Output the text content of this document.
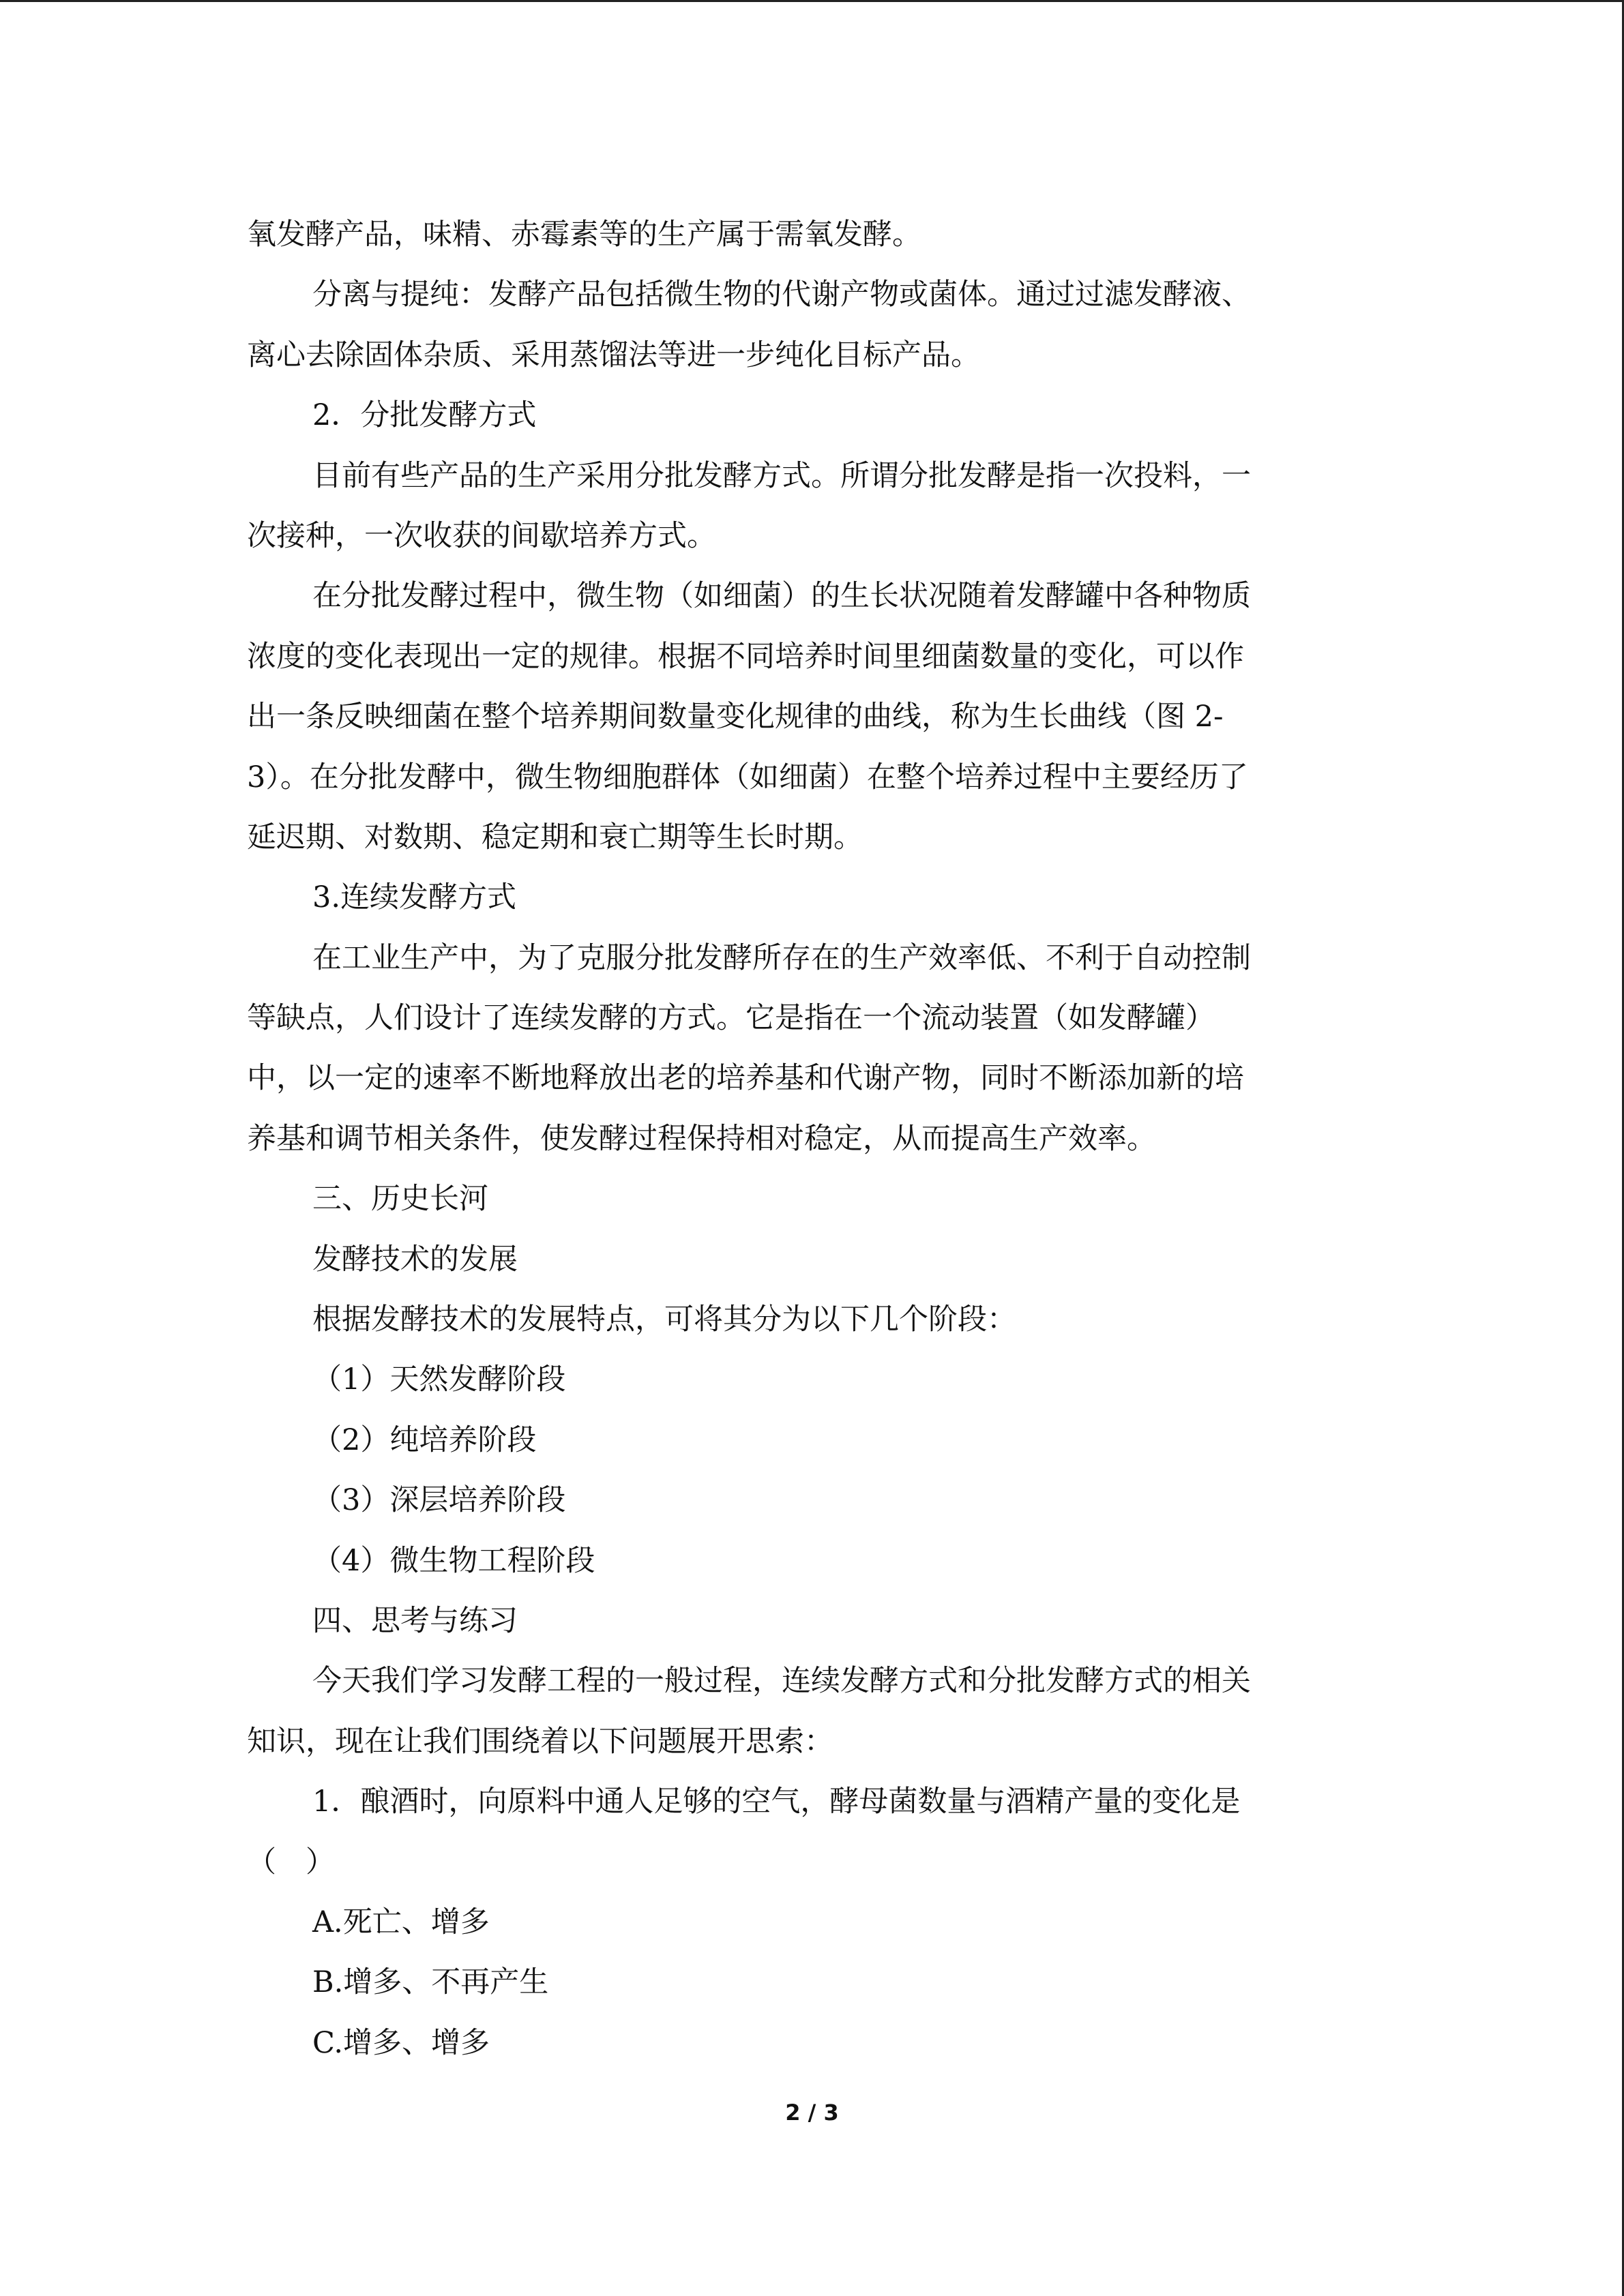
氧发酵产品，味精、赤霉素等的生产属于需氧发酵。
分离与提纯：发酵产品包括微生物的代谢产物或菌体。通过过滤发酵液、
离心去除固体杂质、采用蒸馏法等进一步纯化目标产品。
2．分批发酵方式
目前有些产品的生产采用分批发酵方式。所谓分批发酵是指一次投料，一
次接种，一次收获的间歇培养方式。
在分批发酵过程中，微生物（如细菌）的生长状况随着发酵罐中各种物质
浓度的变化表现出一定的规律。根据不同培养时间里细菌数量的变化，可以作
出一条反映细菌在整个培养期间数量变化规律的曲线，称为生长曲线（图 2-
3）。在分批发酵中，微生物细胞群体（如细菌）在整个培养过程中主要经历了
延迟期、对数期、稳定期和衰亡期等生长时期。
3.连续发酵方式
在工业生产中，为了克服分批发酵所存在的生产效率低、不利于自动控制
等缺点，人们设计了连续发酵的方式。它是指在一个流动装置（如发酵罐）
中，以一定的速率不断地释放出老的培养基和代谢产物，同时不断添加新的培
养基和调节相关条件，使发酵过程保持相对稳定，从而提高生产效率。
三、历史长河
发酵技术的发展
根据发酵技术的发展特点，可将其分为以下几个阶段：
（1）天然发酵阶段
（2）纯培养阶段
（3）深层培养阶段
（4）微生物工程阶段
四、思考与练习
今天我们学习发酵工程的一般过程，连续发酵方式和分批发酵方式的相关
知识，现在让我们围绕着以下问题展开思索：
1．酿酒时，向原料中通人足够的空气，酵母菌数量与酒精产量的变化是
（　）
A.死亡、增多
B.增多、不再产生
C.增多、增多
2 / 3
